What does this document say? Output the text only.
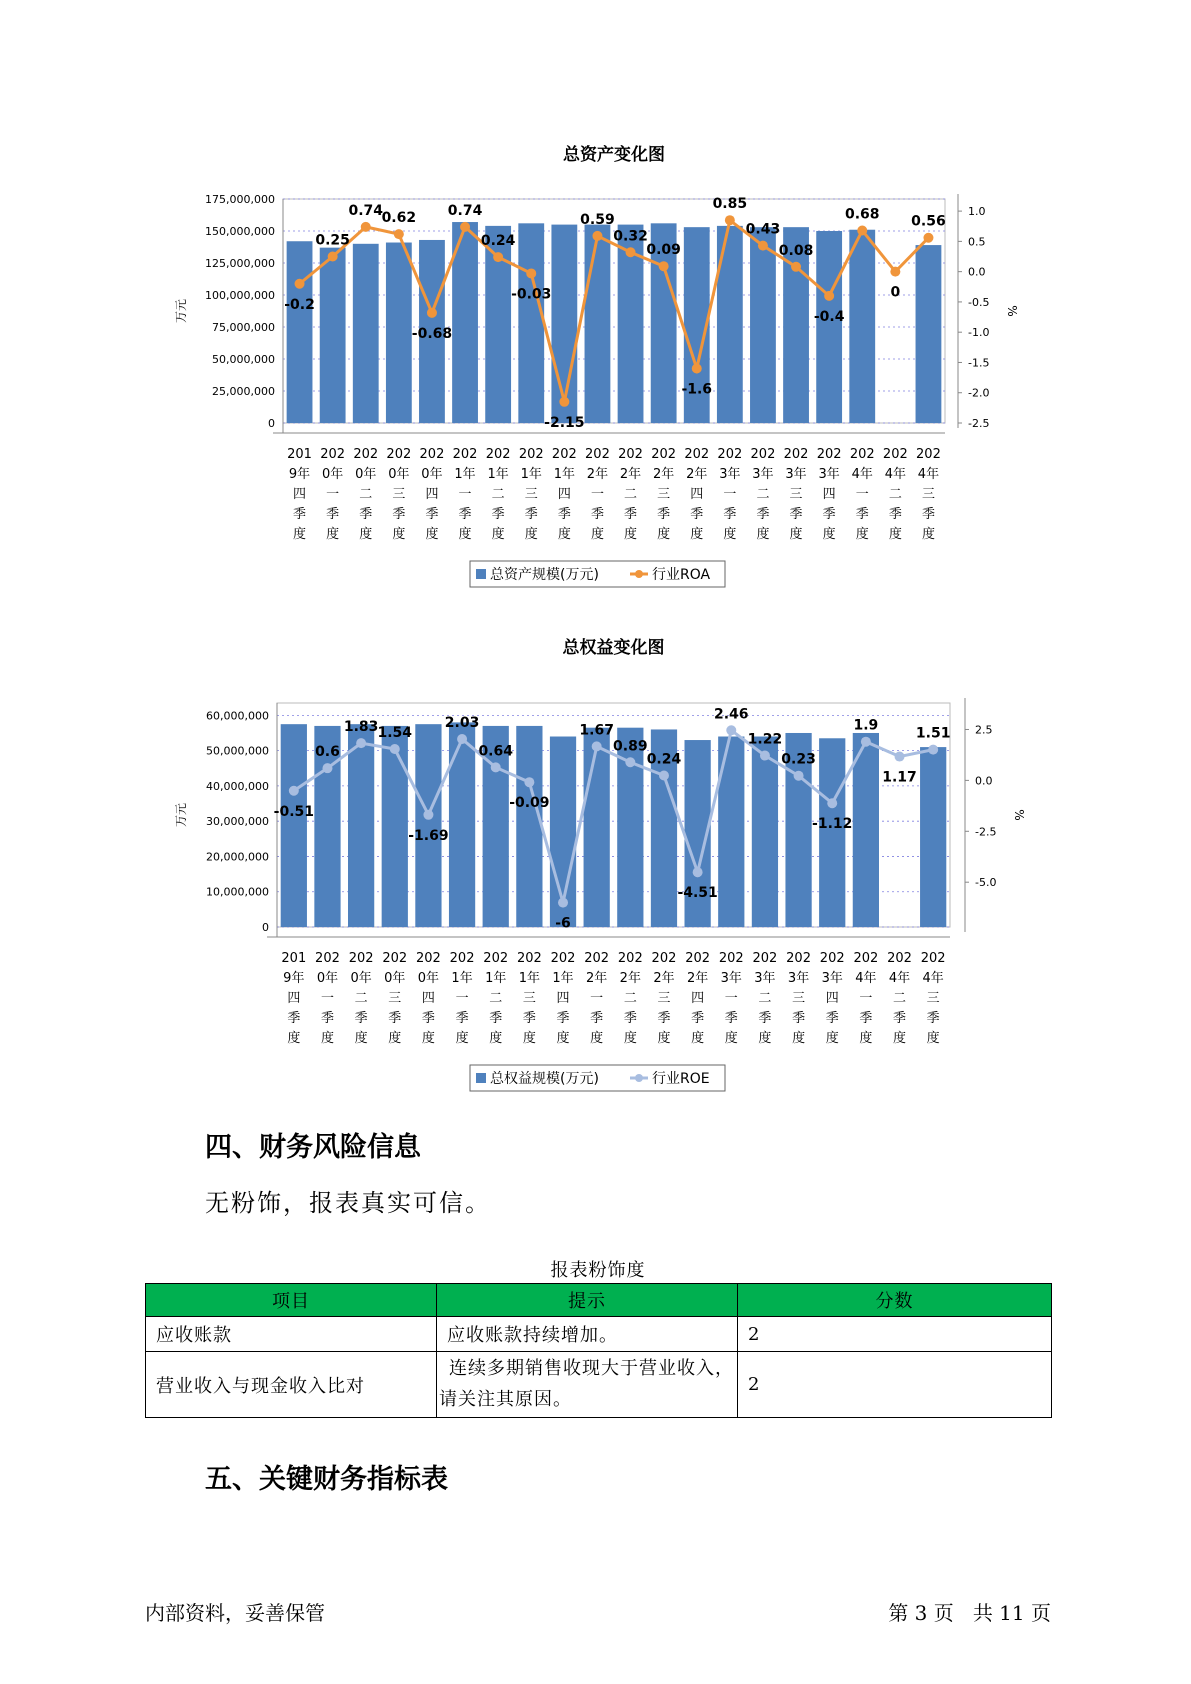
总资产变化图
0
25,000,000
50,000,000
75,000,000
100,000,000
125,000,000
150,000,000
175,000,000
-2.5
-2.0
-1.5
-1.0
-0.5
0.0
0.5
1.0
万元	%
-0.2
0.25
0.74
0.62
-0.68
0.74
0.24
-0.03
-2.15
0.59
0.32
0.09
-1.6
0.85
0.43
0.08
-0.4
0.68
0
0.56
201
9年
四
季
度
202
0年
一
季
度
202
0年
二
季
度
202
0年
三
季
度
202
0年
四
季
度
202
1年
一
季
度
202
1年
二
季
度
202
1年
三
季
度
202
1年
四
季
度
202
2年
一
季
度
202
2年
二
季
度
202
2年
三
季
度
202
2年
四
季
度
202
3年
一
季
度
202
3年
二
季
度
202
3年
三
季
度
202
3年
四
季
度
202
4年
一
季
度
202
4年
二
季
度
202
4年
三
季
度
总资产规模(万元)	行业ROA
总权益变化图
0
10,000,000
20,000,000
30,000,000
40,000,000
50,000,000
60,000,000
-5.0
-2.5
0.0
2.5
万元	%
-0.51
0.6
1.83 1.54
-1.69
2.03
0.64
-0.09
-6
1.67
0.89
0.24
-4.51
2.46
1.22
0.23
-1.12
1.9
1.17
1.51
201
9年
四
季
度
202
0年
一
季
度
202
0年
二
季
度
202
0年
三
季
度
202
0年
四
季
度
202
1年
一
季
度
202
1年
二
季
度
202
1年
三
季
度
202
1年
四
季
度
202
2年
一
季
度
202
2年
二
季
度
202
2年
三
季
度
202
2年
四
季
度
202
3年
一
季
度
202
3年
二
季
度
202
3年
三
季
度
202
3年
四
季
度
202
4年
一
季
度
202
4年
二
季
度
202
4年
三
季
度
总权益规模(万元)	行业ROE
四、财务风险信息

无粉饰，报表真实可信。

报表粉饰度
项目	提示	分数
应收账款	应收账款持续增加。	2
营业收入与现金收入比对	连续多期销售收现大于营业收入，
请关注其原因。	2
五、关键财务指标表
内部资料，妥善保管	第 3 页   共 11 页
